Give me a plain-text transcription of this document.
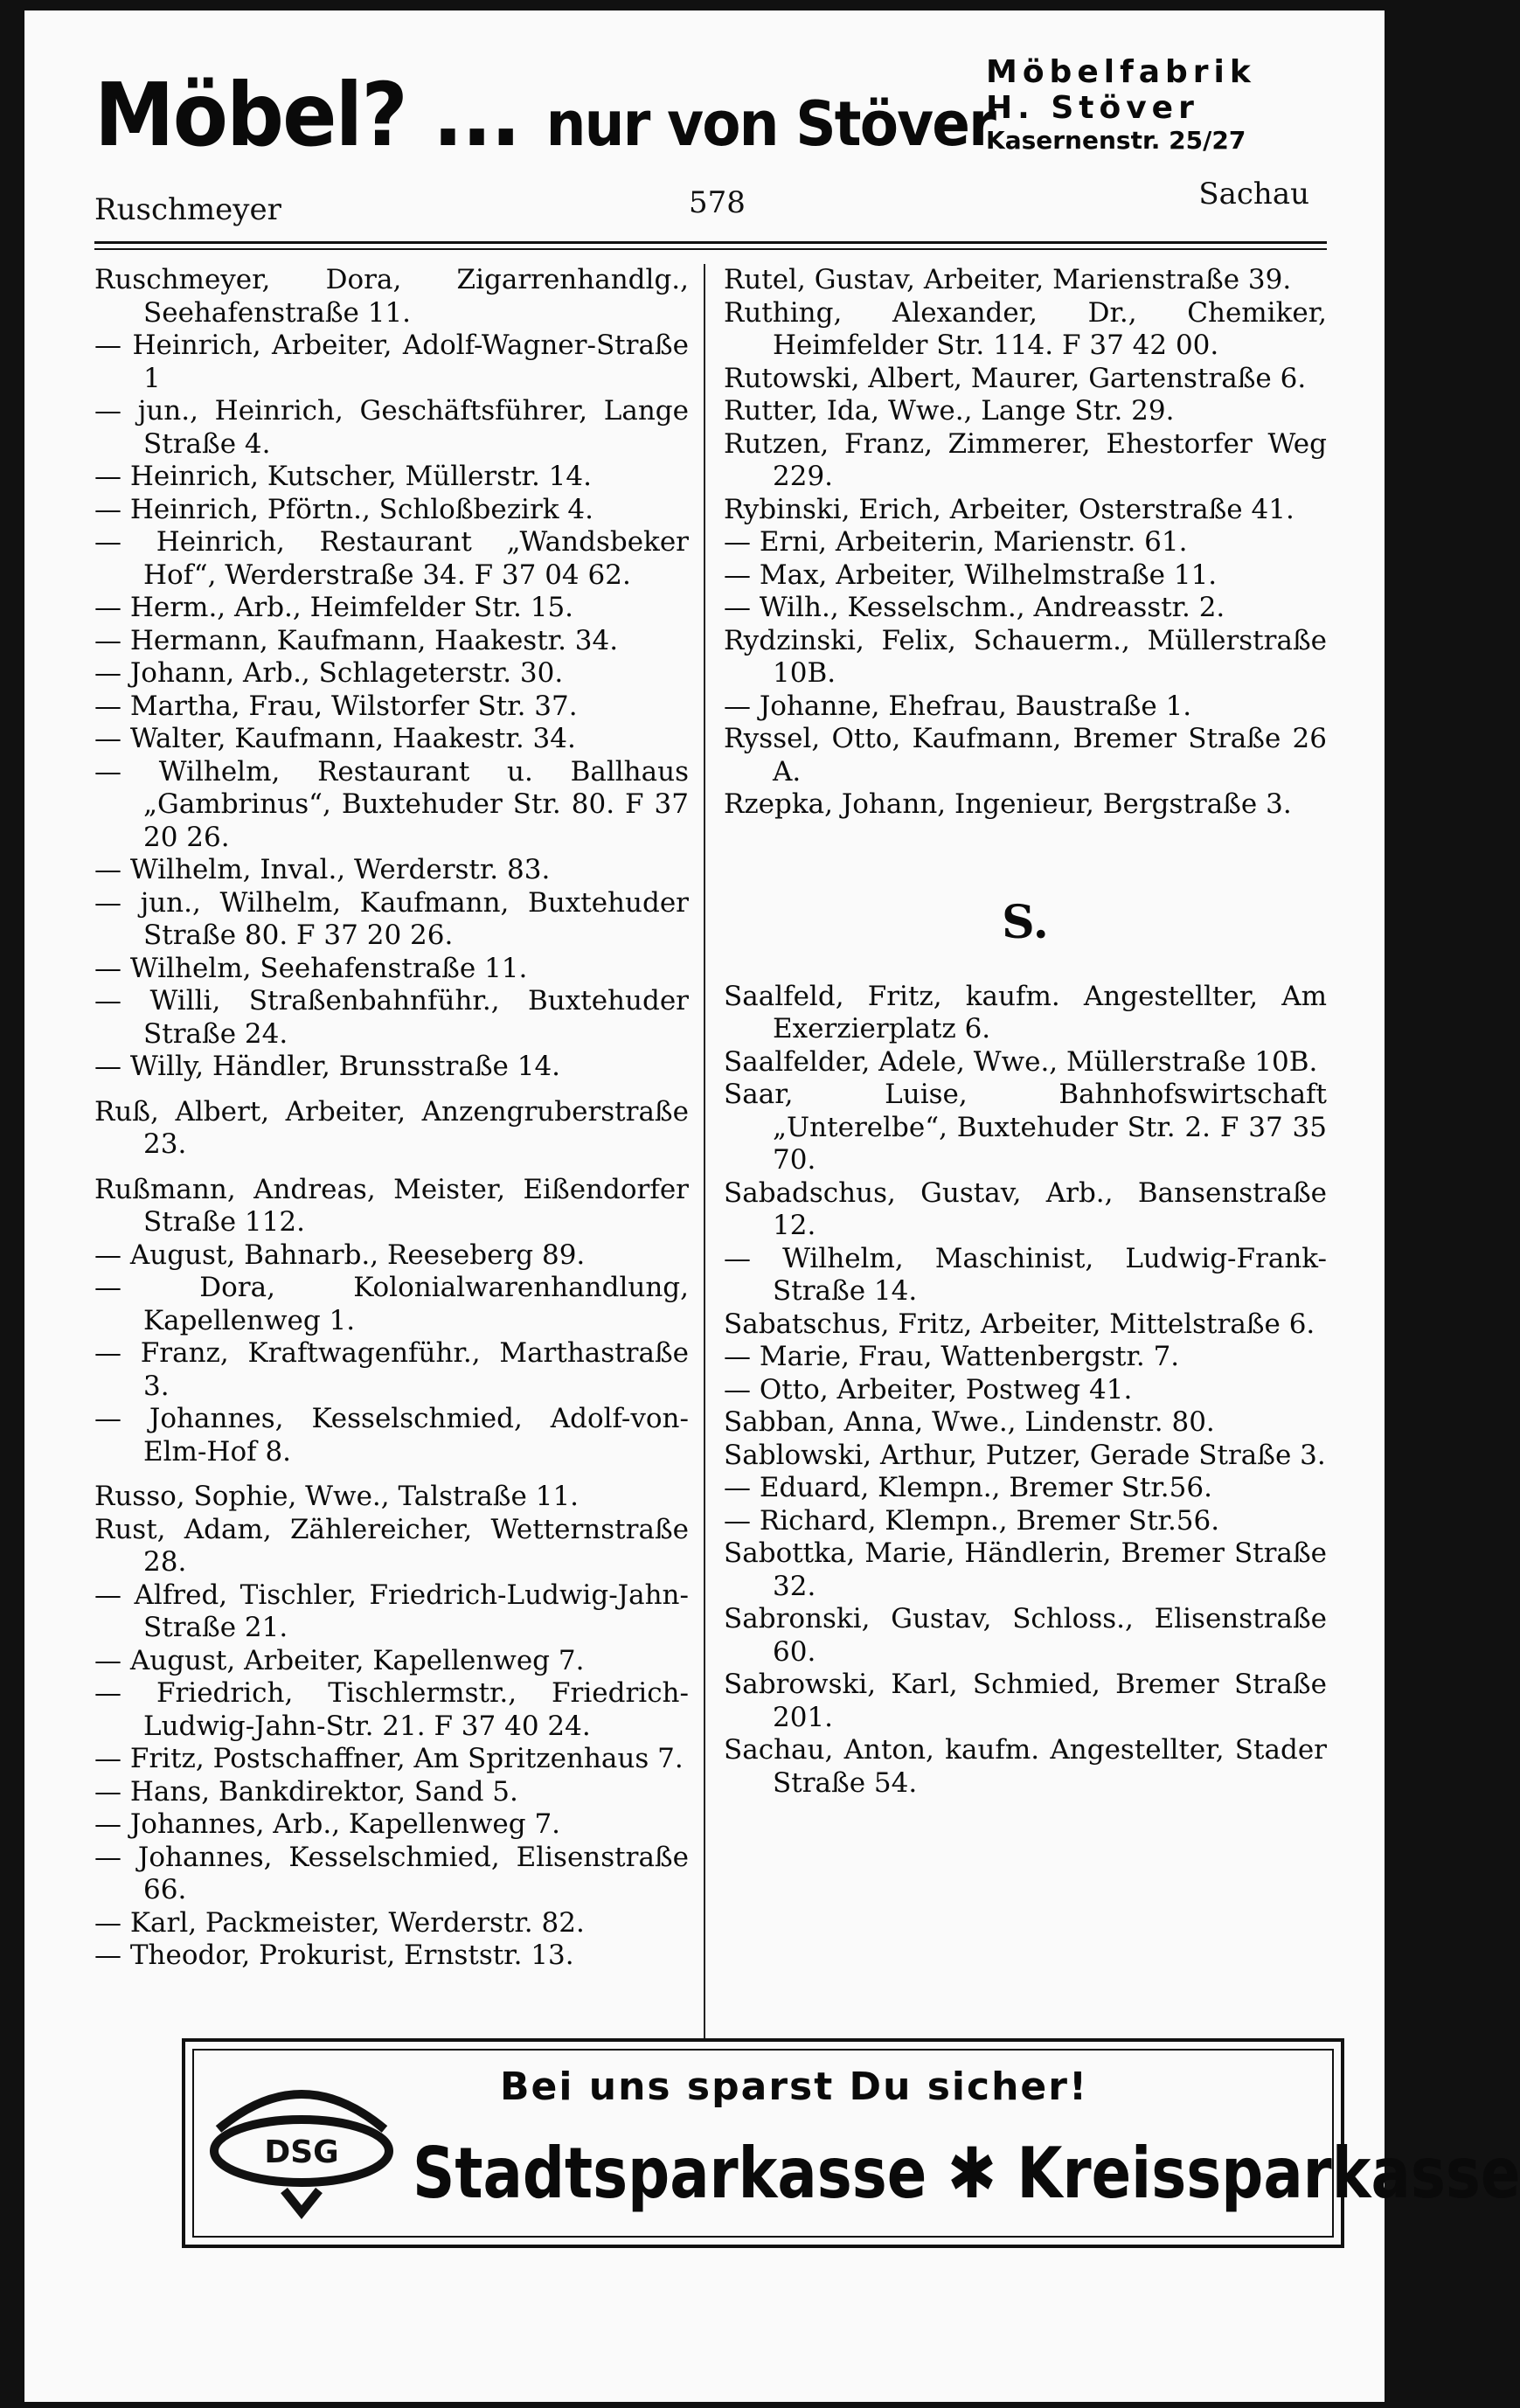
Möbel? ... nur von Stöver
Möbelfabrik
H. Stöver
Kasernenstr. 25/27
Ruschmeyer	578	Sachau

Ruschmeyer, Dora, Zigarrenhandlg., Seehafenstraße 11.

— Heinrich, Arbeiter, Adolf-Wagner-Straße 1

— jun., Heinrich, Geschäftsführer, Lange Straße 4.

— Heinrich, Kutscher, Müllerstr. 14.

— Heinrich, Pförtn., Schloßbezirk 4.

— Heinrich, Restaurant „Wandsbeker Hof“, Werderstraße 34. F 37 04 62.

— Herm., Arb., Heimfelder Str. 15.

— Hermann, Kaufmann, Haakestr. 34.

— Johann, Arb., Schlageterstr. 30.

— Martha, Frau, Wilstorfer Str. 37.

— Walter, Kaufmann, Haakestr. 34.

— Wilhelm, Restaurant u. Ballhaus „Gambrinus“, Buxtehuder Str. 80. F 37 20 26.

— Wilhelm, Inval., Werderstr. 83.

— jun., Wilhelm, Kaufmann, Buxtehuder Straße 80. F 37 20 26.

— Wilhelm, Seehafenstraße 11.

— Willi, Straßenbahnführ., Buxtehuder Straße 24.

— Willy, Händler, Brunsstraße 14.

Ruß, Albert, Arbeiter, Anzengruberstraße 23.

Rußmann, Andreas, Meister, Eißendorfer Straße 112.

— August, Bahnarb., Reeseberg 89.

— Dora, Kolonialwarenhandlung, Kapellenweg 1.

— Franz, Kraftwagenführ., Marthastraße 3.

— Johannes, Kesselschmied, Adolf-von-Elm-Hof 8.

Russo, Sophie, Wwe., Talstraße 11.

Rust, Adam, Zählereicher, Wetternstraße 28.

— Alfred, Tischler, Friedrich-Ludwig-Jahn-Straße 21.

— August, Arbeiter, Kapellenweg 7.

— Friedrich, Tischlermstr., Friedrich-Ludwig-Jahn-Str. 21. F 37 40 24.

— Fritz, Postschaffner, Am Spritzenhaus 7.

— Hans, Bankdirektor, Sand 5.

— Johannes, Arb., Kapellenweg 7.

— Johannes, Kesselschmied, Elisenstraße 66.

— Karl, Packmeister, Werderstr. 82.

— Theodor, Prokurist, Ernststr. 13.

Rutel, Gustav, Arbeiter, Marienstraße 39.

Ruthing, Alexander, Dr., Chemiker, Heimfelder Str. 114. F 37 42 00.

Rutowski, Albert, Maurer, Gartenstraße 6.

Rutter, Ida, Wwe., Lange Str. 29.

Rutzen, Franz, Zimmerer, Ehestorfer Weg 229.

Rybinski, Erich, Arbeiter, Osterstraße 41.

— Erni, Arbeiterin, Marienstr. 61.

— Max, Arbeiter, Wilhelmstraße 11.

— Wilh., Kesselschm., Andreasstr. 2.

Rydzinski, Felix, Schauerm., Müllerstraße 10B.

— Johanne, Ehefrau, Baustraße 1.

Ryssel, Otto, Kaufmann, Bremer Straße 26 A.

Rzepka, Johann, Ingenieur, Bergstraße 3.

S.

Saalfeld, Fritz, kaufm. Angestellter, Am Exerzierplatz 6.

Saalfelder, Adele, Wwe., Müllerstraße 10B.

Saar, Luise, Bahnhofswirtschaft „Unterelbe“, Buxtehuder Str. 2. F 37 35 70.

Sabadschus, Gustav, Arb., Bansenstraße 12.

— Wilhelm, Maschinist, Ludwig-Frank-Straße 14.

Sabatschus, Fritz, Arbeiter, Mittelstraße 6.

— Marie, Frau, Wattenbergstr. 7.

— Otto, Arbeiter, Postweg 41.

Sabban, Anna, Wwe., Lindenstr. 80.

Sablowski, Arthur, Putzer, Gerade Straße 3.

— Eduard, Klempn., Bremer Str.56.

— Richard, Klempn., Bremer Str.56.

Sabottka, Marie, Händlerin, Bremer Straße 32.

Sabronski, Gustav, Schloss., Elisenstraße 60.

Sabrowski, Karl, Schmied, Bremer Straße 201.

Sachau, Anton, kaufm. Angestellter, Stader Straße 54.

DSG
Bei uns sparst Du sicher!
Stadtsparkasse ✱ Kreissparkasse
